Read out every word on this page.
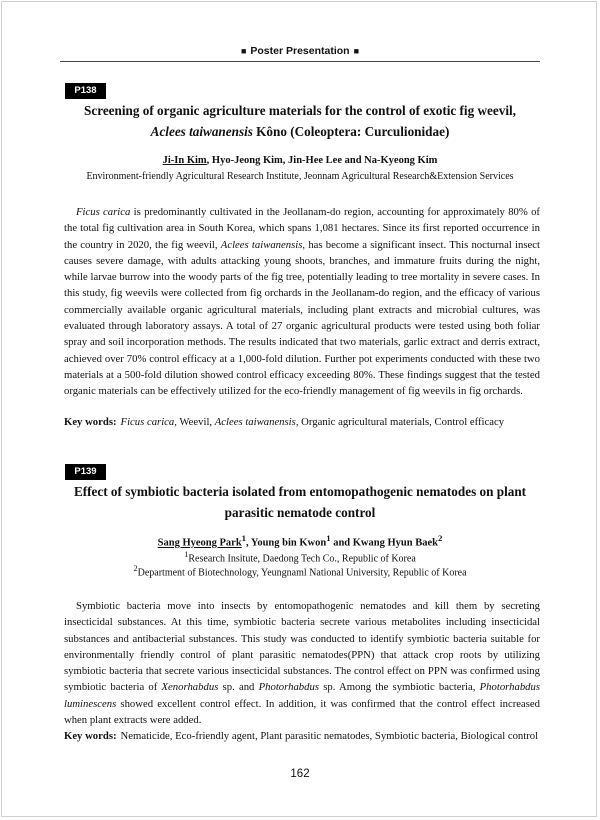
■ Poster Presentation ■
P138
Screening of organic agriculture materials for the control of exotic fig weevil,
Aclees taiwanensis Kôno (Coleoptera: Curculionidae)
Ji-In Kim, Hyo-Jeong Kim, Jin-Hee Lee and Na-Kyeong Kim
Environment-friendly Agricultural Research Institute, Jeonnam Agricultural Research&Extension Services

Ficus carica is predominantly cultivated in the Jeollanam-do region, accounting for approximately 80% of the total fig cultivation area in South Korea, which spans 1,081 hectares. Since its first reported occurrence in the country in 2020, the fig weevil, Aclees taiwanensis, has become a significant insect. This nocturnal insect causes severe damage, with adults attacking young shoots, branches, and immature fruits during the night, while larvae burrow into the woody parts of the fig tree, potentially leading to tree mortality in severe cases. In this study, fig weevils were collected from fig orchards in the Jeollanam-do region, and the efficacy of various commercially available organic agricultural materials, including plant extracts and microbial cultures, was evaluated through laboratory assays. A total of 27 organic agricultural products were tested using both foliar spray and soil incorporation methods. The results indicated that two materials, garlic extract and derris extract, achieved over 70% control efficacy at a 1,000-fold dilution. Further pot experiments conducted with these two materials at a 500-fold dilution showed control efficacy exceeding 80%. These findings suggest that the tested organic materials can be effectively utilized for the eco-friendly management of fig weevils in fig orchards.

Key words: Ficus carica, Weevil, Aclees taiwanensis, Organic agricultural materials, Control efficacy
P139
Effect of symbiotic bacteria isolated from entomopathogenic nematodes on plant
parasitic nematode control
Sang Hyeong Park$^1$, Young bin Kwon$^1$ and Kwang Hyun Baek$^2$
$^1$Research Insitute, Daedong Tech Co., Republic of Korea
$^2$Department of Biotechnology, Yeungnaml National University, Republic of Korea

Symbiotic bacteria move into insects by entomopathogenic nematodes and kill them by secreting insecticidal substances. At this time, symbiotic bacteria secrete various metabolites including insecticidal substances and antibacterial substances. This study was conducted to identify symbiotic bacteria suitable for environmentally friendly control of plant parasitic nematodes(PPN) that attack crop roots by utilizing symbiotic bacteria that secrete various insecticidal substances. The control effect on PPN was confirmed using symbiotic bacteria of Xenorhabdus sp. and Photorhabdus sp. Among the symbiotic bacteria, Photorhabdus luminescens showed excellent control effect. In addition, it was confirmed that the control effect increased when plant extracts were added.

Key words: Nematicide, Eco-friendly agent, Plant parasitic nematodes, Symbiotic bacteria, Biological control
162
